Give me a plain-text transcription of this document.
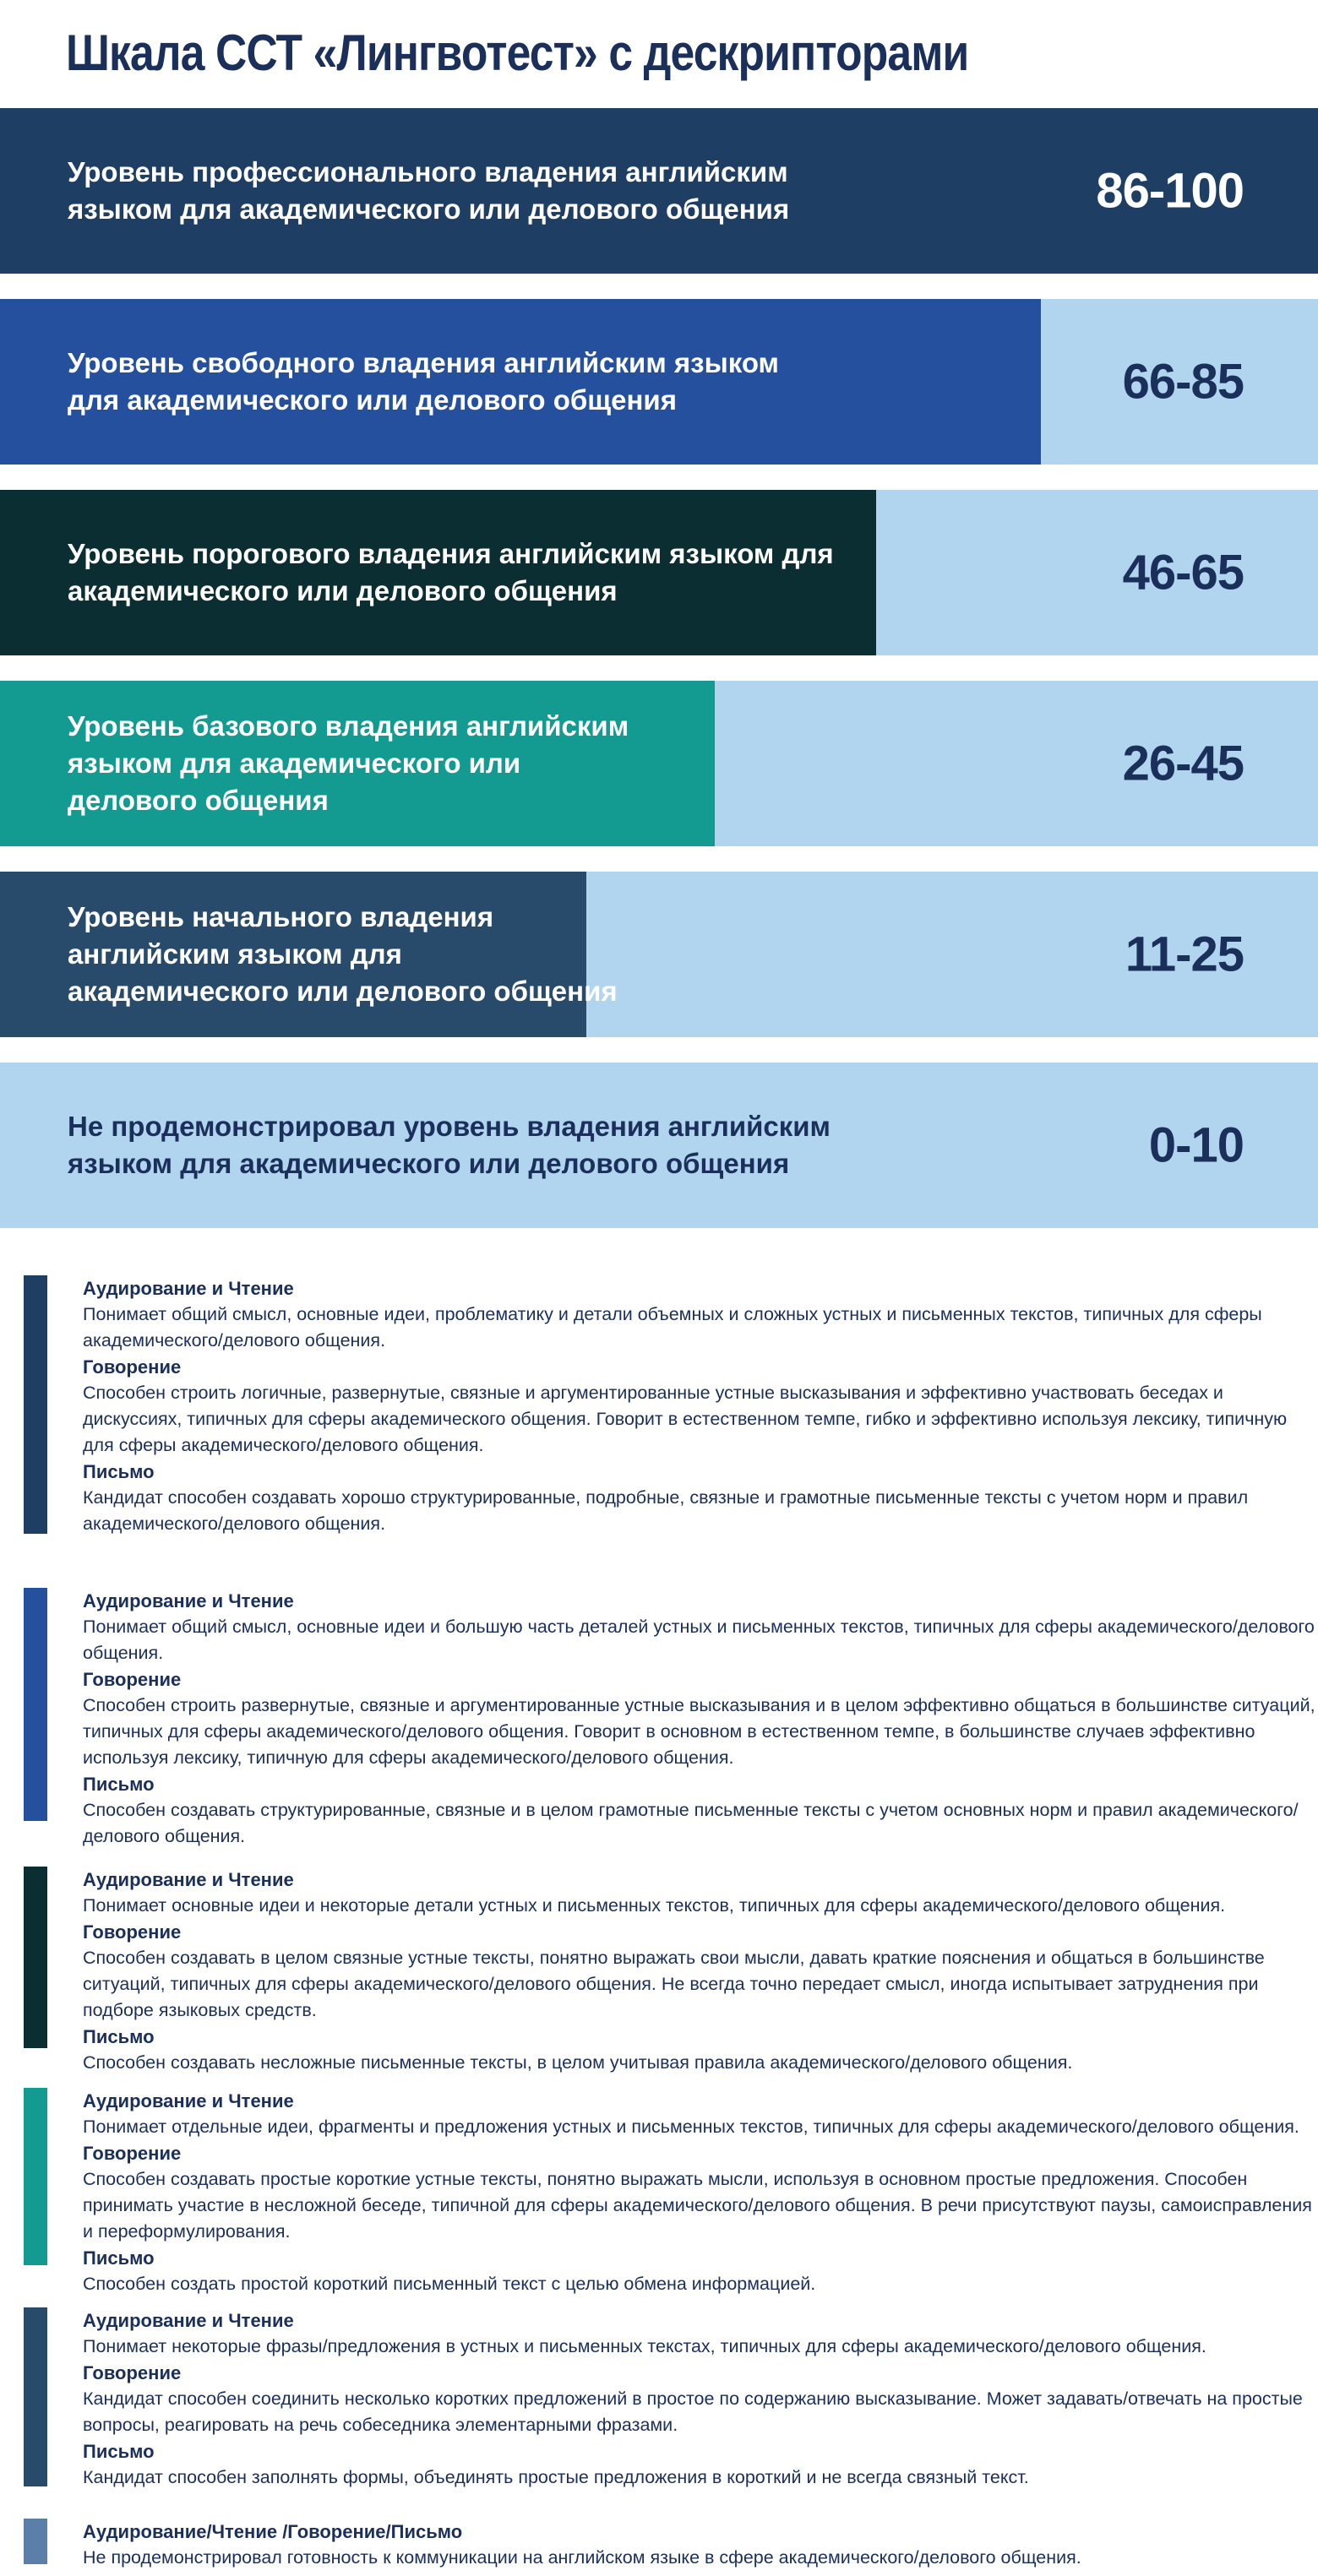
Шкала ССТ «Лингвотест» с дескрипторами
Уровень профессионального владения английским
языком для академического или делового общения	86-100
Уровень свободного владения английским языком
для академического или делового общения	66-85
Уровень порогового владения английским языком для
академического или делового общения	46-65
Уровень базового владения английским
языком для академического или
делового общения
26-45
Уровень начального владения
английским языком для
академического или делового общения
11-25
Не продемонстрировал уровень владения английским
языком для академического или делового общения	0-10
Аудирование и Чтение

Понимает общий смысл, основные идеи, проблематику и детали объемных и сложных устных и письменных текстов, типичных для сферы академического/делового общения.

Говорение

Способен строить логичные, развернутые, связные и аргументированные устные высказывания и эффективно участвовать беседах и дискуссиях, типичных для сферы академического общения. Говорит в естественном темпе, гибко и эффективно используя лексику, типичную для сферы академического/делового общения.

Письмо

Кандидат способен создавать хорошо структурированные, подробные, связные и грамотные письменные тексты с учетом норм и правил академического/делового общения.

Аудирование и Чтение

Понимает общий смысл, основные идеи и большую часть деталей устных и письменных текстов, типичных для сферы академического/делового общения.

Говорение

Способен строить развернутые, связные и аргументированные устные высказывания и в целом эффективно общаться в большинстве ситуаций, типичных для сферы академического/делового общения. Говорит в основном в естественном темпе, в большинстве случаев эффективно используя лексику, типичную для сферы академического/делового общения.

Письмо

Способен создавать структурированные, связные и в целом грамотные письменные тексты с учетом основных норм и правил академического/делового общения.

Аудирование и Чтение

Понимает основные идеи и некоторые детали устных и письменных текстов, типичных для сферы академического/делового общения.

Говорение

Способен создавать в целом связные устные тексты, понятно выражать свои мысли, давать краткие пояснения и общаться в большинстве ситуаций, типичных для сферы академического/делового общения. Не всегда точно передает смысл, иногда испытывает затруднения при подборе языковых средств.

Письмо

Способен создавать несложные письменные тексты, в целом учитывая правила академического/делового общения.

Аудирование и Чтение

Понимает отдельные идеи, фрагменты и предложения устных и письменных текстов, типичных для сферы академического/делового общения.

Говорение

Способен создавать простые короткие устные тексты, понятно выражать мысли, используя в основном простые предложения. Способен принимать участие в несложной беседе, типичной для сферы академического/делового общения. В речи присутствуют паузы, самоисправления и переформулирования.

Письмо

Способен создать простой короткий письменный текст с целью обмена информацией.

Аудирование и Чтение

Понимает некоторые фразы/предложения в устных и письменных текстах, типичных для сферы академического/делового общения.

Говорение

Кандидат способен соединить несколько коротких предложений в простое по содержанию высказывание. Может задавать/отвечать на простые вопросы, реагировать на речь собеседника элементарными фразами.

Письмо

Кандидат способен заполнять формы, объединять простые предложения в короткий и не всегда связный текст.

Аудирование/Чтение /Говорение/Письмо

Не продемонстрировал готовность к коммуникации на английском языке в сфере академического/делового общения.
